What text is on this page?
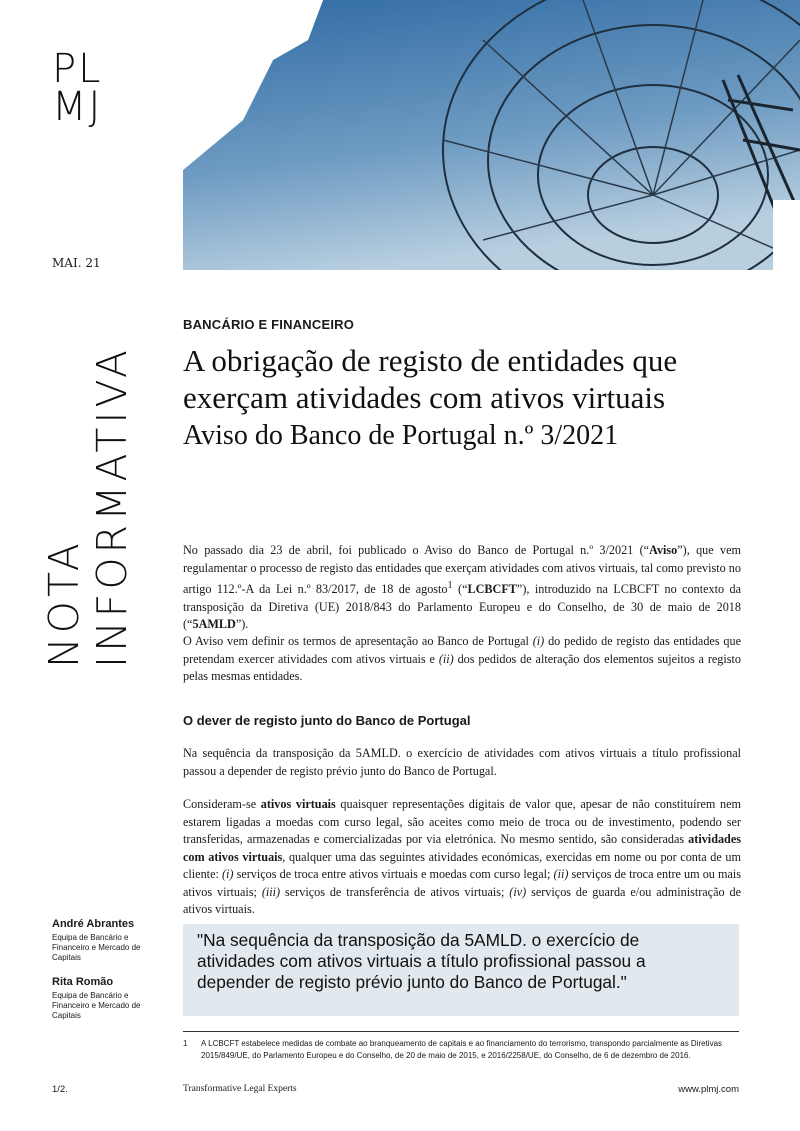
PL
MJ
MAI. 21
NOTA INFORMATIVA
BANCÁRIO E FINANCEIRO
A obrigação de registo de entidades que exerçam atividades com ativos virtuais
Aviso do Banco de Portugal n.º 3/2021
No passado dia 23 de abril, foi publicado o Aviso do Banco de Portugal n.º 3/2021 (“Aviso”), que vem regulamentar o processo de registo das entidades que exerçam atividades com ativos virtuais, tal como previsto no artigo 112.º-A da Lei n.º 83/2017, de 18 de agosto$^1$ (“LCBCFT”), introduzido na LCBCFT no contexto da transposição da Diretiva (UE) 2018/843 do Parlamento Europeu e do Conselho, de 30 de maio de 2018 (“5AMLD”).
O Aviso vem definir os termos de apresentação ao Banco de Portugal (i) do pedido de registo das entidades que pretendam exercer atividades com ativos virtuais e (ii) dos pedidos de alteração dos elementos sujeitos a registo pelas mesmas entidades.
O dever de registo junto do Banco de Portugal
Na sequência da transposição da 5AMLD. o exercício de atividades com ativos virtuais a título profissional passou a depender de registo prévio junto do Banco de Portugal.
Consideram-se ativos virtuais quaisquer representações digitais de valor que, apesar de não constituírem nem estarem ligadas a moedas com curso legal, são aceites como meio de troca ou de investimento, podendo ser transferidas, armazenadas e comercializadas por via eletrónica. No mesmo sentido, são consideradas atividades com ativos virtuais, qualquer uma das seguintes atividades económicas, exercidas em nome ou por conta de um cliente: (i) serviços de troca entre ativos virtuais e moedas com curso legal; (ii) serviços de troca entre um ou mais ativos virtuais; (iii) serviços de transferência de ativos virtuais; (iv) serviços de guarda e/ou administração de ativos virtuais.
"Na sequência da transposição da 5AMLD. o exercício de atividades com ativos virtuais a título profissional passou a depender de registo prévio junto do Banco de Portugal."
André Abrantes
Equipa de Bancário e Financeiro e Mercado de Capitais
Rita Romão
Equipa de Bancário e Financeiro e Mercado de Capitais
1	A LCBCFT estabelece medidas de combate ao branqueamento de capitais e ao financiamento do terrorismo, transpondo parcialmente as Diretivas 2015/849/UE, do Parlamento Europeu e do Conselho, de 20 de maio de 2015, e 2016/2258/UE, do Conselho, de 6 de dezembro de 2016.
1/2.	Transformative Legal Experts	www.plmj.com
